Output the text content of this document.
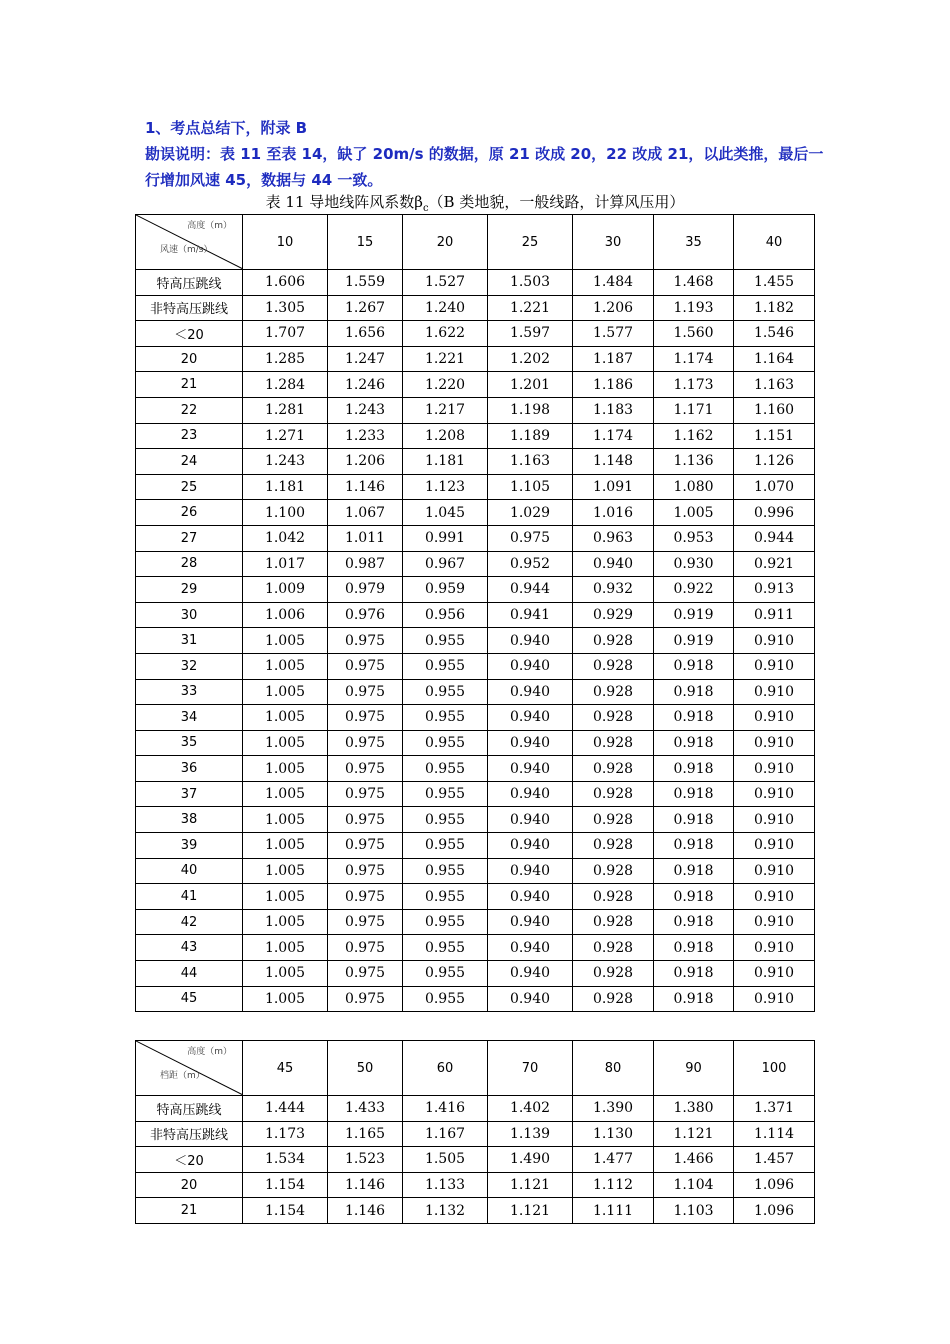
1、考点总结下，附录 B
勘误说明：表 11 至表 14，缺了 20m/s 的数据，原 21 改成 20，22 改成 21，以此类推，最后一行增加风速 45，数据与 44 一致。
表 11 导地线阵风系数$\beta_c(B$ 类地貌，一般线路，计算风压用）
高度（m）
风速（m/s）	10	15	20	25	30	35	40
特高压跳线	1.606	1.559	1.527	1.503	1.484	1.468	1.455
非特高压跳线	1.305	1.267	1.240	1.221	1.206	1.193	1.182
＜20	1.707	1.656	1.622	1.597	1.577	1.560	1.546
20	1.285	1.247	1.221	1.202	1.187	1.174	1.164
21	1.284	1.246	1.220	1.201	1.186	1.173	1.163
22	1.281	1.243	1.217	1.198	1.183	1.171	1.160
23	1.271	1.233	1.208	1.189	1.174	1.162	1.151
24	1.243	1.206	1.181	1.163	1.148	1.136	1.126
25	1.181	1.146	1.123	1.105	1.091	1.080	1.070
26	1.100	1.067	1.045	1.029	1.016	1.005	0.996
27	1.042	1.011	0.991	0.975	0.963	0.953	0.944
28	1.017	0.987	0.967	0.952	0.940	0.930	0.921
29	1.009	0.979	0.959	0.944	0.932	0.922	0.913
30	1.006	0.976	0.956	0.941	0.929	0.919	0.911
31	1.005	0.975	0.955	0.940	0.928	0.919	0.910
32	1.005	0.975	0.955	0.940	0.928	0.918	0.910
33	1.005	0.975	0.955	0.940	0.928	0.918	0.910
34	1.005	0.975	0.955	0.940	0.928	0.918	0.910
35	1.005	0.975	0.955	0.940	0.928	0.918	0.910
36	1.005	0.975	0.955	0.940	0.928	0.918	0.910
37	1.005	0.975	0.955	0.940	0.928	0.918	0.910
38	1.005	0.975	0.955	0.940	0.928	0.918	0.910
39	1.005	0.975	0.955	0.940	0.928	0.918	0.910
40	1.005	0.975	0.955	0.940	0.928	0.918	0.910
41	1.005	0.975	0.955	0.940	0.928	0.918	0.910
42	1.005	0.975	0.955	0.940	0.928	0.918	0.910
43	1.005	0.975	0.955	0.940	0.928	0.918	0.910
44	1.005	0.975	0.955	0.940	0.928	0.918	0.910
45	1.005	0.975	0.955	0.940	0.928	0.918	0.910
高度（m）
档距（m）	45	50	60	70	80	90	100
特高压跳线	1.444	1.433	1.416	1.402	1.390	1.380	1.371
非特高压跳线	1.173	1.165	1.167	1.139	1.130	1.121	1.114
＜20	1.534	1.523	1.505	1.490	1.477	1.466	1.457
20	1.154	1.146	1.133	1.121	1.112	1.104	1.096
21	1.154	1.146	1.132	1.121	1.111	1.103	1.096
